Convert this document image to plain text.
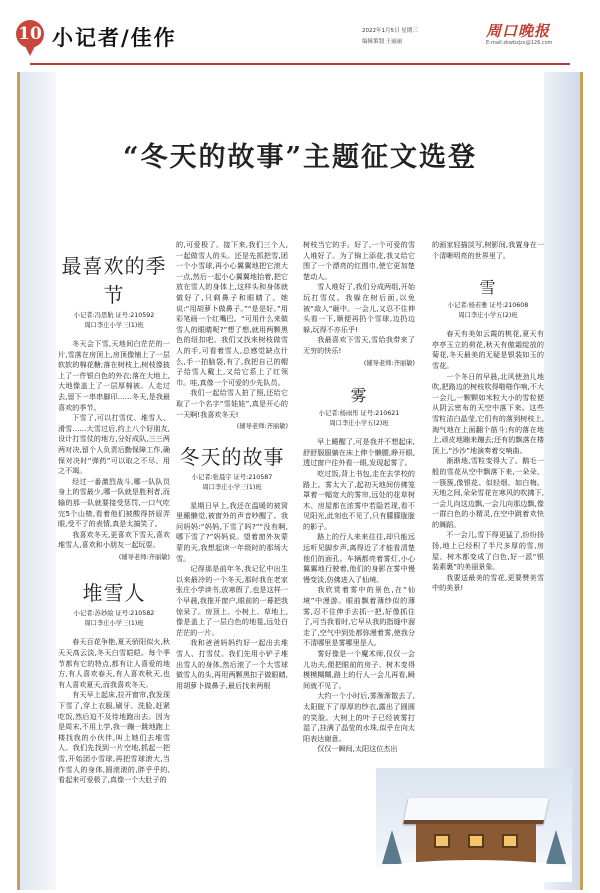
10 小记者/佳作	2022年1月5日 星期三
编辑策划 王丽丽
周口晚报
E-mail:zkwbzjzx@126.com
“冬天的故事”主题征文选登
最喜欢的季节
小记者:冯思航 证号:210592
周口李庄小学三(1)班

冬天会下雪,天地间白茫茫的一片,雪落在房顶上,房顶像铺上了一层软软的棉花糖;落在树枝上,树枝像披上了一件银白色的外衣;落在大地上,大地像盖上了一层厚棉被。人走过去,留下一串串脚印……冬天,是我最喜欢的季节。

下雪了,可以打雪仗、堆雪人、滑雪……大雪过后,约上八个好朋友,设计打雪仗的地方,分好成队,三三两两对决,留个人负责后勤保障工作,确保对决时“弹药”可以取之不尽、用之不竭。

经过一番激烈战斗,哪一队队员身上的雪最少,哪一队就是胜利者,而输的那一队就要接受惩罚,一口气吃完5个山楂,看着他们被酸得挤眉弄眼,受不了的表情,真是太搞笑了。

我喜欢冬天,更喜欢下雪天,喜欢堆雪人,喜欢和小朋友一起玩耍。

(辅导老师:齐丽敏)
堆雪人
小记者:苏妙絵 证号:210582
周口李庄小学三(1)班

春天百花争艳,夏天骄阳似火,秋天天高云淡,冬天白雪皑皑。每个季节都有它的特点,都有让人喜爱的地方,有人喜欢春天,有人喜欢秋天,也有人喜欢夏天,而我喜欢冬天。

有天早上起床,拉开窗帘,我发现下雪了,穿上衣服,刷牙、洗脸,赶紧吃饭,然后迫不及待地跑出去。因为是周末,不用上学,我一蹦一跳地跑上楼找我的小伙伴,叫上她们去堆雪人。我们先找到一片空地,抓起一把雪,开始团小雪球,再把雪球滚大,当作雪人的身体,圆滚滚的,胖乎乎的,看起来可爱极了,真像一个大肚子的

的,可爱极了。接下来,我们三个人,一起做雪人的头。还是先抓把雪,团一个小雪球,再小心翼翼地把它滚大一点,然后一起小心翼翼地抬着,把它放在雪人的身体上,这样头和身体就做好了,只剩鼻子和眼睛了。她说:“用胡萝卜做鼻子。”“是是好。”用彩笔画一个红嘴巴。“可用什么来做雪人的眼睛呢?”想了想,就用两颗黑色的纽扣吧。我们又找来树枝做雪人的手,可看着雪人,总感觉缺点什么,手一拍脑袋,有了,我把自己的帽子给雪人戴上,又给它系上了红领巾。哇,真像一个可爱的少先队员。

我们一起给雪人拍了照,还给它取了一个名字“雪娃娃”,真是开心的一天啊!我喜欢冬天!

(辅导老师:齐丽敏)
冬天的故事
小记者:张晨宇 证号:210587
周口李庄小学三(1)班

星期日早上,我还在温暖的被窝里睡懒觉,被窗外的声音吵醒了。我问妈妈:“妈妈,下雪了吗?”“没有啊,哪下雪了?”妈妈说。望着窗外灰蒙蒙的天,我想起读一年级时的那场大雪。

记得那是前年冬,我记忆中出生以来最冷的一个冬天,那时我在老家张庄小学读书,放寒假了,也是这样一个早晨,我推开窗户,眼前的一幕把我惊呆了。房顶上、小树上、草地上,像是盖上了一层白色的地毯,远处白茫茫的一片。

我和爸爸妈妈约好一起出去堆雪人、打雪仗。我们先用小铲子堆出雪人的身体,然后滚了一个大雪球做雪人的头,再用两颗黑扣子做眼睛,用胡萝卜做鼻子,最后找来两根

树枝当它的手。好了,一个可爱的雪人堆好了。为了锦上添花,我又给它围了一个漂亮的红围巾,使它更加楚楚动人。

雪人堆好了,我们分成两组,开始玩打雪仗。我躲在树后面,以免被“敌人”砸中。一会儿,又忍不住伸头看一下,顺便再扔个雪球,边扔边躲,玩得不亦乐乎!

我最喜欢下雪天,雪给我带来了无穷的快乐!

(辅导老师:齐丽敏)
雾
小记者:杨雨彤 证号:210621
周口李庄小学五(2)班

早上睡醒了,可是我并不想起床,舒舒服服躺在床上伸个懒腰,睁开眼,透过窗户往外看一眼,发现起雾了。

吃过饭,背上书包,走在去学校的路上。雾太大了,起初天地间仿佛笼罩着一幅宽大的雾帘,远处的花草树木、房屋都在浓雾中若隐若现,看不见阳光,此刻也不见了,只有朦朦胧胧的影子。

路上的行人来来往往,却只能远远听见脚步声,离得近了才能看清楚他们的面孔。车辆都亮着雾灯,小心翼翼地行驶着,他们的身影在雾中慢慢变淡,仿佛进入了仙境。

我欣赏着雾中的景色,在“仙境”中漫游。眼前飘着薄纱似的薄雾,忍不住伸手去抓一把,好像抓住了,可当我看时,它早从我的指缝中溜走了,空气中到处都弥漫着雾,使我分不清哪里是雾哪里是人。

雾好像是一个魔术师,仅仅一会儿功夫,便把眼前的房子、树木变得模模糊糊,路上的行人一会儿再看,瞬间就不见了。

大约一个小时后,雾渐渐散去了,太阳脱下了厚厚的纱衣,露出了圆圆的笑脸。大树上的叶子已经被雾打湿了,挂满了晶莹的水珠,似乎在向太阳表达谢意。

仅仅一瞬间,太阳这位杰出

的画家轻描淡写,树影间,我置身在一个清晰明亮的世界里了。

雪
小记者:杨若雅 证号:210608
周口李庄小学五(2)班

春天有美如云霞的桃花,夏天有亭亭玉立的荷花,秋天有傲霜绽放的菊花,冬天最美的无疑是银装如玉的雪花。

一个冬日的早晨,北风使劲儿地吹,把路边的树枝吹得啪啪作响,不大一会儿,一颗颗如米粒大小的雪粒便从阴云密布的天空中落下来。这些雪粒洁白晶莹,它们有的落到树枝上,淘气地在上面翻个筋斗;有的落在地上,顽皮地蹦来蹦去;还有的飘落在楼顶上,“沙沙”地演奏着交响曲。

渐渐地,雪粒变得大了。鹅毛一般的雪花从空中飘落下来,一朵朵、一簇簇,像银花、似轻烟、如白梅。天地之间,朵朵雪花在寒风的吹拂下,一会儿向这边飘,一会儿向那边飘,像一群白色的小精灵,在空中跳着欢快的舞蹈。

不一会儿,雪下得更猛了,纷纷扬扬,地上已经积了半尺多厚的雪,房屋、树木都变成了白色,好一派“银装素裹”的美丽景象。

我要送最美的雪花,更要赞美雪中的美景!
